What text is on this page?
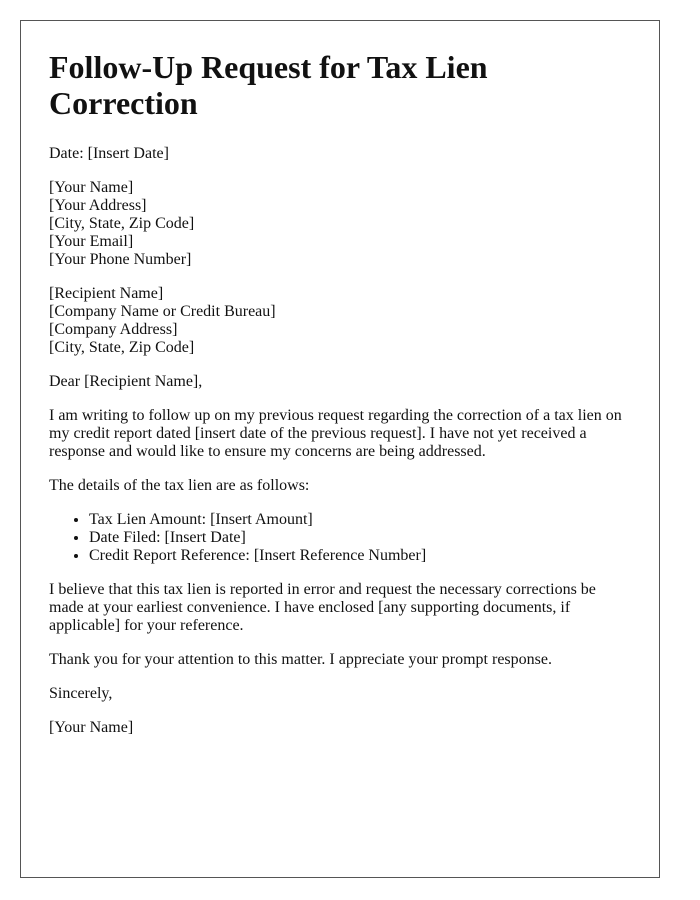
Follow-Up Request for Tax Lien Correction

Date: [Insert Date]

[Your Name]
[Your Address]
[City, State, Zip Code]
[Your Email]
[Your Phone Number]

[Recipient Name]
[Company Name or Credit Bureau]
[Company Address]
[City, State, Zip Code]

Dear [Recipient Name],

I am writing to follow up on my previous request regarding the correction of a tax lien on my credit report dated [insert date of the previous request]. I have not yet received a response and would like to ensure my concerns are being addressed.

The details of the tax lien are as follows:

• Tax Lien Amount: [Insert Amount]
• Date Filed: [Insert Date]
• Credit Report Reference: [Insert Reference Number]

I believe that this tax lien is reported in error and request the necessary corrections be made at your earliest convenience. I have enclosed [any supporting documents, if applicable] for your reference.

Thank you for your attention to this matter. I appreciate your prompt response.

Sincerely,

[Your Name]
